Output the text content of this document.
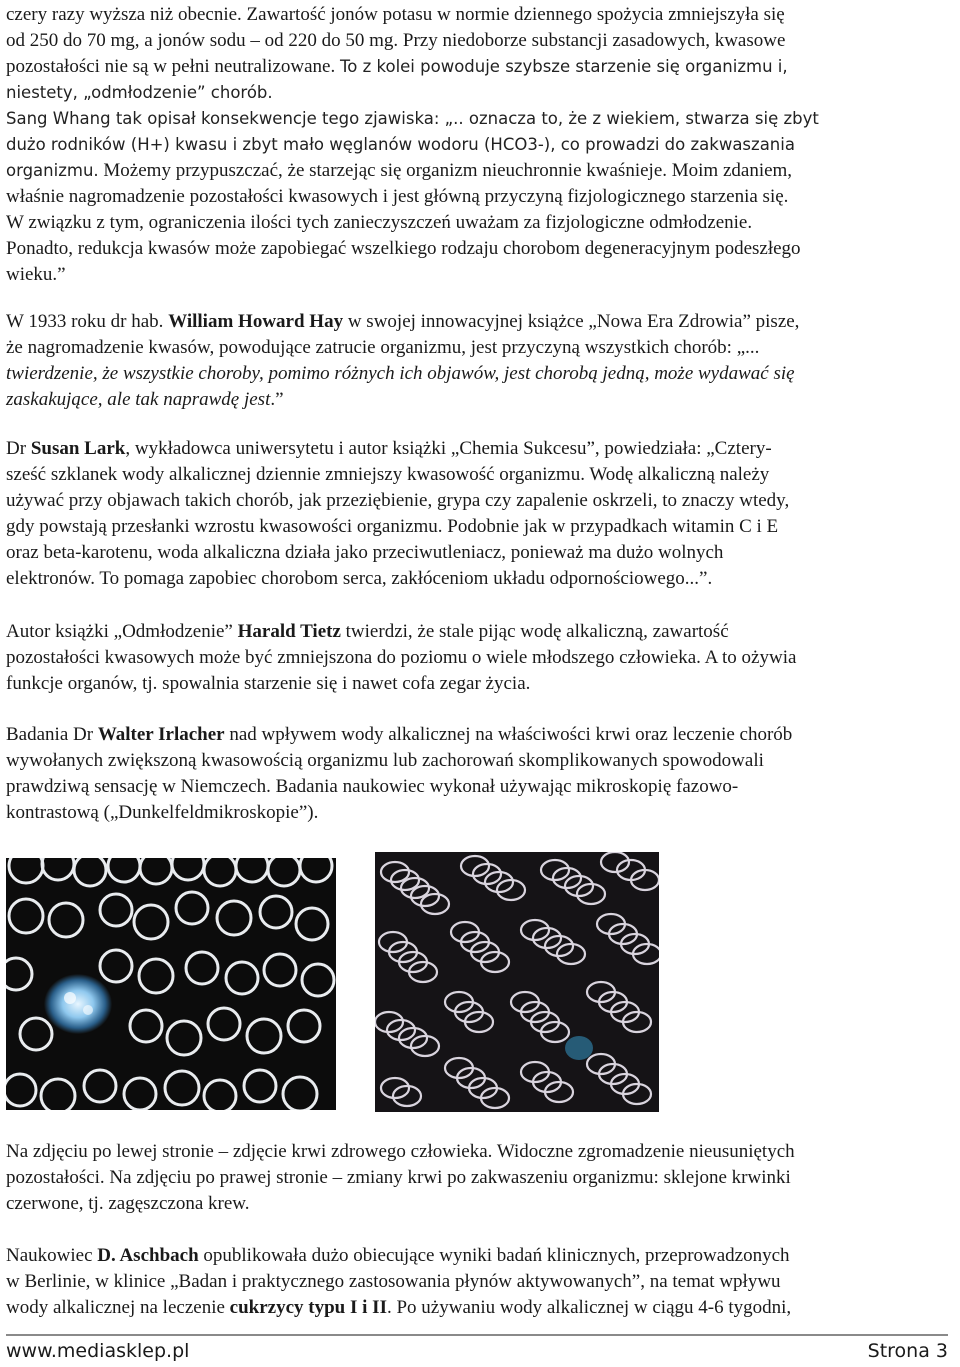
czery razy wyższa niż obecnie. Zawartość jonów potasu w normie dziennego spożycia zmniejszyła się
od 250 do 70 mg, a jonów sodu – od 220 do 50 mg. Przy niedoborze substancji zasadowych, kwasowe
pozostałości nie są w pełni neutralizowane. To z kolei powoduje szybsze starzenie się organizmu i,
niestety, „odmłodzenie” chorób.
Sang Whang tak opisał konsekwencje tego zjawiska: „.. oznacza to, że z wiekiem, stwarza się zbyt
dużo rodników (H+) kwasu i zbyt mało węglanów wodoru (HCO3-), co prowadzi do zakwaszania
organizmu. Możemy przypuszczać, że starzejąc się organizm nieuchronnie kwaśnieje. Moim zdaniem,
właśnie nagromadzenie pozostałości kwasowych i jest główną przyczyną fizjologicznego starzenia się.
W związku z tym, ograniczenia ilości tych zanieczyszczeń uważam za fizjologiczne odmłodzenie.
Ponadto, redukcja kwasów może zapobiegać wszelkiego rodzaju chorobom degeneracyjnym podeszłego
wieku.”
W 1933 roku dr hab. William Howard Hay w swojej innowacyjnej książce „Nowa Era Zdrowia” pisze,
że nagromadzenie kwasów, powodujące zatrucie organizmu, jest przyczyną wszystkich chorób: „...
twierdzenie, że wszystkie choroby, pomimo różnych ich objawów, jest chorobą jedną, może wydawać się
zaskakujące, ale tak naprawdę jest.”
Dr Susan Lark, wykładowca uniwersytetu i autor książki „Chemia Sukcesu”, powiedziała: „Cztery-
sześć szklanek wody alkalicznej dziennie zmniejszy kwasowość organizmu. Wodę alkaliczną należy
używać przy objawach takich chorób, jak przeziębienie, grypa czy zapalenie oskrzeli, to znaczy wtedy,
gdy powstają przesłanki wzrostu kwasowości organizmu. Podobnie jak w przypadkach witamin C i E
oraz beta-karotenu, woda alkaliczna działa jako przeciwutleniacz, ponieważ ma dużo wolnych
elektronów. To pomaga zapobiec chorobom serca, zakłóceniom układu odpornościowego...”.
Autor książki „Odmłodzenie” Harald Tietz twierdzi, że stale pijąc wodę alkaliczną, zawartość
pozostałości kwasowych może być zmniejszona do poziomu o wiele młodszego człowieka. A to ożywia
funkcje organów, tj. spowalnia starzenie się i nawet cofa zegar życia.
Badania Dr Walter Irlacher nad wpływem wody alkalicznej na właściwości krwi oraz leczenie chorób
wywołanych zwiększoną kwasowością organizmu lub zachorowań skomplikowanych spowodowali
prawdziwą sensację w Niemczech. Badania naukowiec wykonał używając mikroskopię fazowo-
kontrastową („Dunkelfeldmikroskopie”).
Na zdjęciu po lewej stronie – zdjęcie krwi zdrowego człowieka. Widoczne zgromadzenie nieusuniętych
pozostałości. Na zdjęciu po prawej stronie – zmiany krwi po zakwaszeniu organizmu: sklejone krwinki
czerwone, tj. zagęszczona krew.
Naukowiec D. Aschbach opublikowała dużo obiecujące wyniki badań klinicznych, przeprowadzonych
w Berlinie, w klinice „Badan i praktycznego zastosowania płynów aktywowanych”, na temat wpływu
wody alkalicznej na leczenie cukrzycy typu I i II. Po używaniu wody alkalicznej w ciągu 4-6 tygodni,
www.mediasklep.pl	Strona 3
